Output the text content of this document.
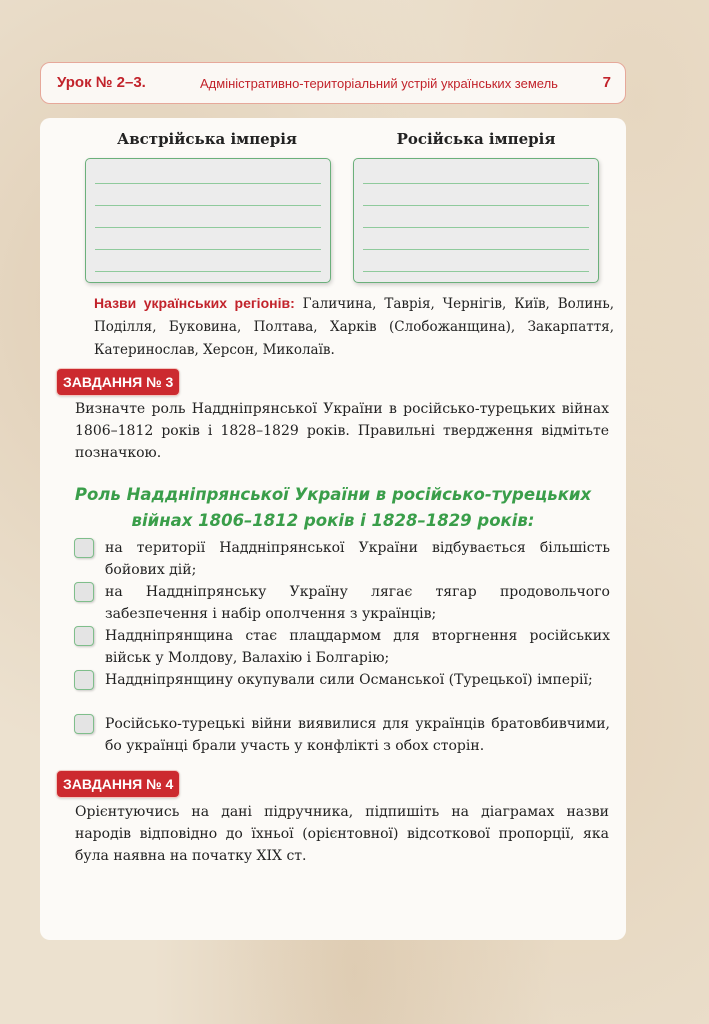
Урок № 2–3.	Адміністративно-територіальний устрій українських земель	7
Австрійська імперія	Російська імперія
Назви українських регіонів: Галичина, Таврія, Чернігів, Київ, Волинь, Поділля, Буковина, Полтава, Харків (Слобожанщина), Закарпаття, Катеринослав, Херсон, Миколаїв.
ЗАВДАННЯ № 3
Визначте роль Наддніпрянської України в російсько-турецьких війнах 1806–1812 років і 1828–1829 років. Правильні твердження відмітьте позначкою.
Роль Наддніпрянської України в російсько-турецьких
війнах 1806–1812 років і 1828–1829 років:
на території Наддніпрянської України відбувається більшість бойових дій;
на Наддніпрянську Україну лягає тягар продовольчого забезпечення і набір ополчення з українців;
Наддніпрянщина стає плацдармом для вторгнення російських військ у Молдову, Валахію і Болгарію;
Наддніпрянщину окупували сили Османської (Турецької) імперії;
Російсько-турецькі війни виявилися для українців братовбивчими, бо українці брали участь у конфлікті з обох сторін.
ЗАВДАННЯ № 4
Орієнтуючись на дані підручника, підпишіть на діаграмах назви народів відповідно до їхньої (орієнтовної) відсоткової пропорції, яка була наявна на початку XIX ст.
